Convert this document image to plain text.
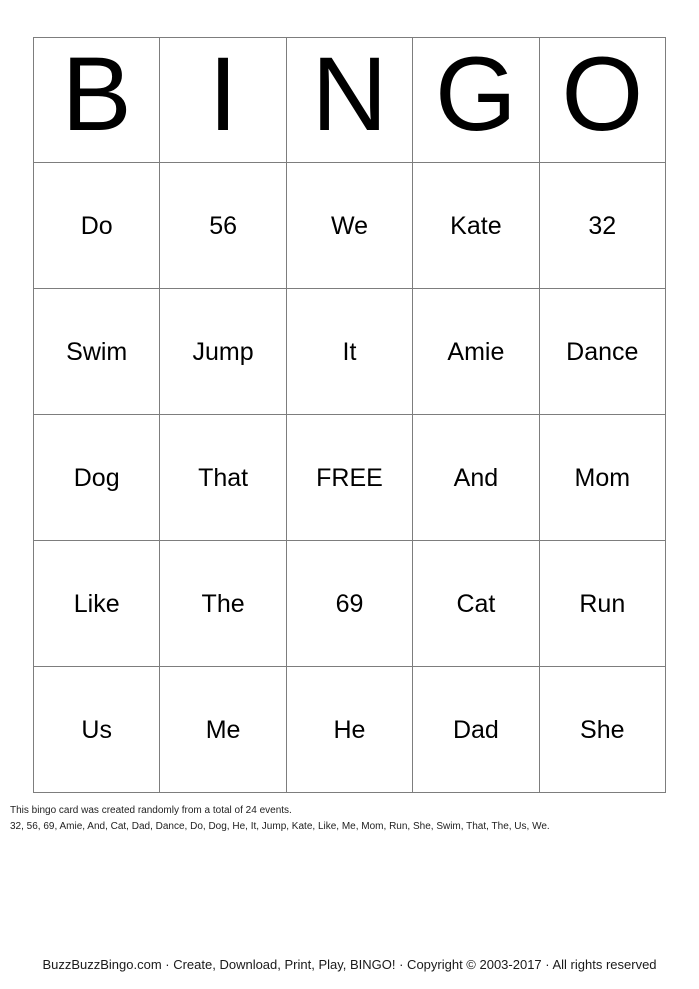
B I N G O
Do	56	We	Kate	32
Swim	Jump	It	Amie	Dance
Dog	That	FREE	And	Mom
Like	The	69	Cat	Run
Us	Me	He	Dad	She
This bingo card was created randomly from a total of 24 events.
32, 56, 69, Amie, And, Cat, Dad, Dance, Do, Dog, He, It, Jump, Kate, Like, Me, Mom, Run, She, Swim, That, The, Us, We.
BuzzBuzzBingo.com · Create, Download, Print, Play, BINGO! · Copyright © 2003-2017 · All rights reserved
